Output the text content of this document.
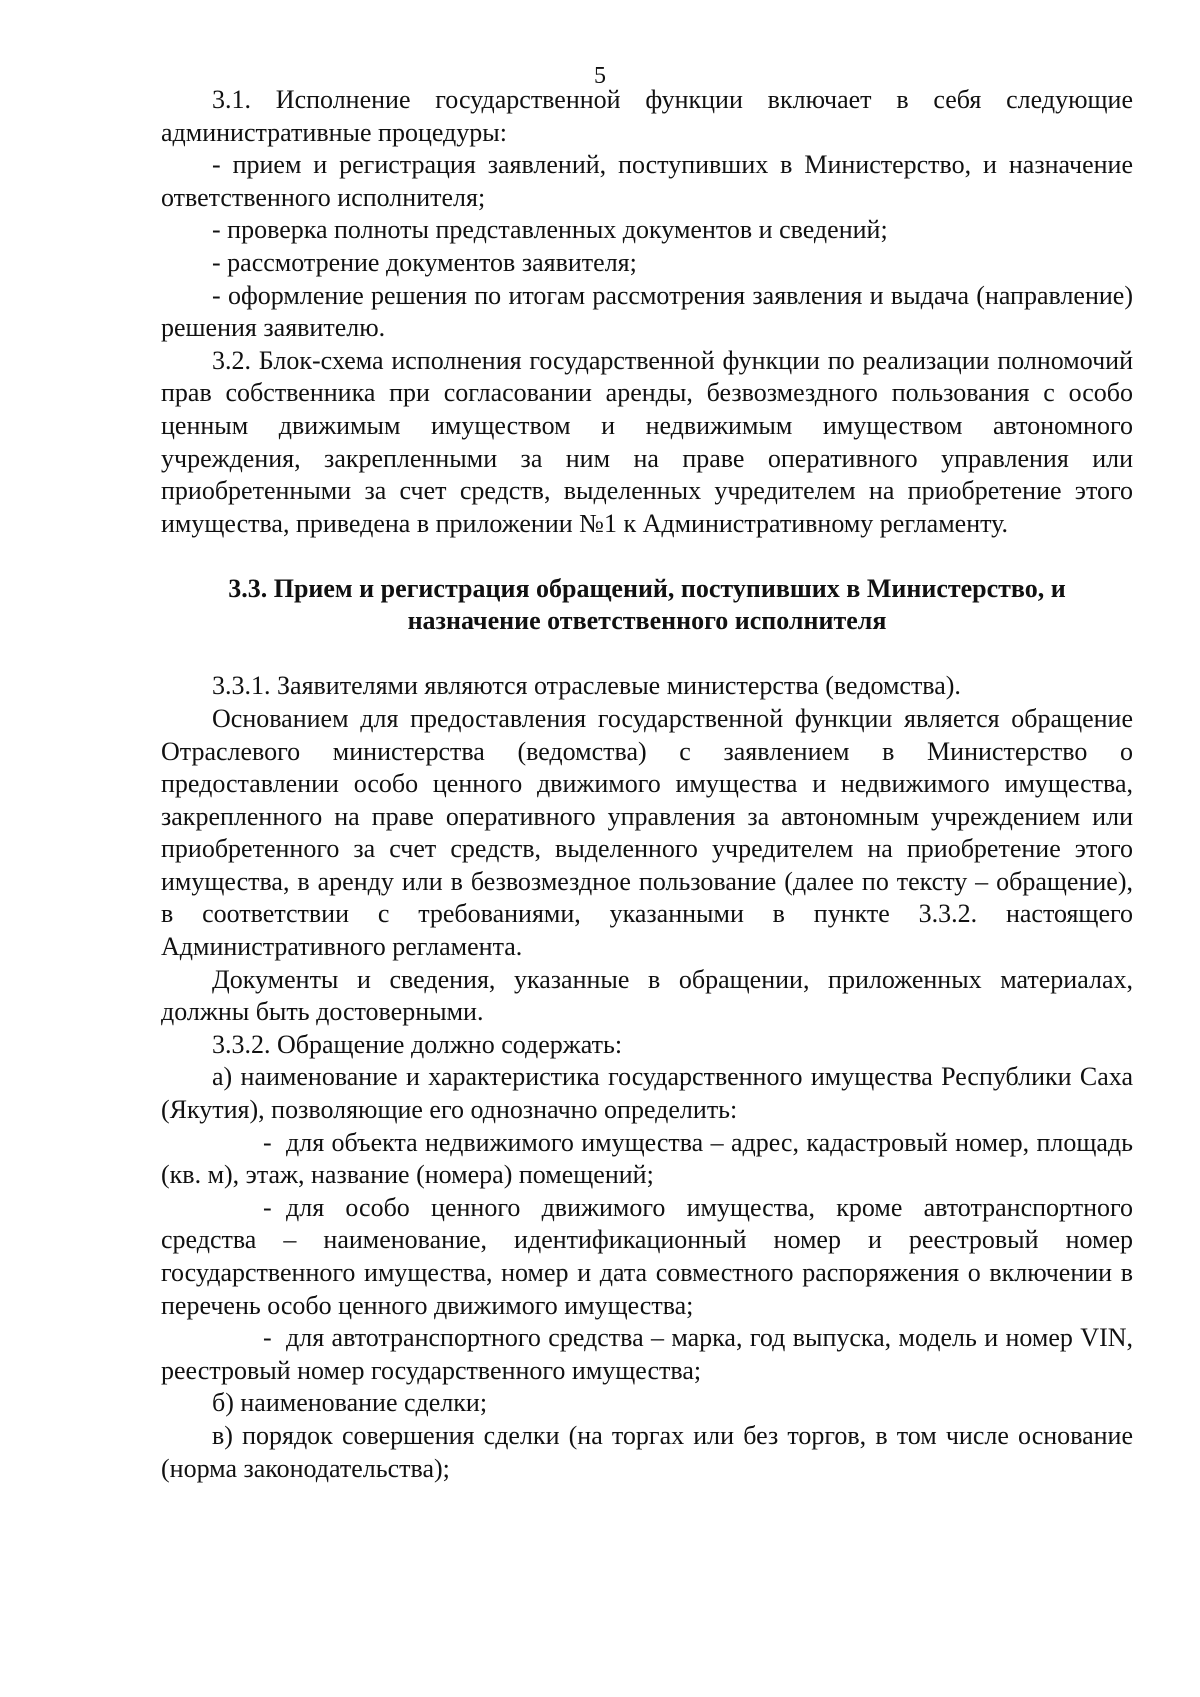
5

3.1. Исполнение государственной функции включает в себя следующие административные процедуры:

- прием и регистрация заявлений, поступивших в Министерство, и назначение ответственного исполнителя;

- проверка полноты представленных документов и сведений;

- рассмотрение документов заявителя;

- оформление решения по итогам рассмотрения заявления и выдача (направление) решения заявителю.

3.2. Блок-схема исполнения государственной функции по реализации полномочий прав собственника при согласовании аренды, безвозмездного пользования с особо ценным движимым имуществом и недвижимым имуществом автономного учреждения, закрепленными за ним на праве оперативного управления или приобретенными за счет средств, выделенных учредителем на приобретение этого имущества, приведена в приложении №1 к Административному регламенту.

3.3. Прием и регистрация обращений, поступивших в Министерство, и
назначение ответственного исполнителя

3.3.1. Заявителями являются отраслевые министерства (ведомства).

Основанием для предоставления государственной функции является обращение Отраслевого министерства (ведомства) с заявлением в Министерство о предоставлении особо ценного движимого имущества и недвижимого имущества, закрепленного на праве оперативного управления за автономным учреждением или приобретенного за счет средств, выделенного учредителем на приобретение этого имущества, в аренду или в безвозмездное пользование (далее по тексту – обращение), в соответствии с требованиями, указанными в пункте 3.3.2. настоящего Административного регламента.

Документы и сведения, указанные в обращении, приложенных материалах, должны быть достоверными.

3.3.2. Обращение должно содержать:

а) наименование и характеристика государственного имущества Республики Саха (Якутия), позволяющие его однозначно определить:

- для объекта недвижимого имущества – адрес, кадастровый номер, площадь (кв. м), этаж, название (номера) помещений;

- для особо ценного движимого имущества, кроме автотранспортного средства – наименование, идентификационный номер и реестровый номер государственного имущества, номер и дата совместного распоряжения о включении в перечень особо ценного движимого имущества;

- для автотранспортного средства – марка, год выпуска, модель и номер VIN, реестровый номер государственного имущества;

б) наименование сделки;

в) порядок совершения сделки (на торгах или без торгов, в том числе основание (норма законодательства);
